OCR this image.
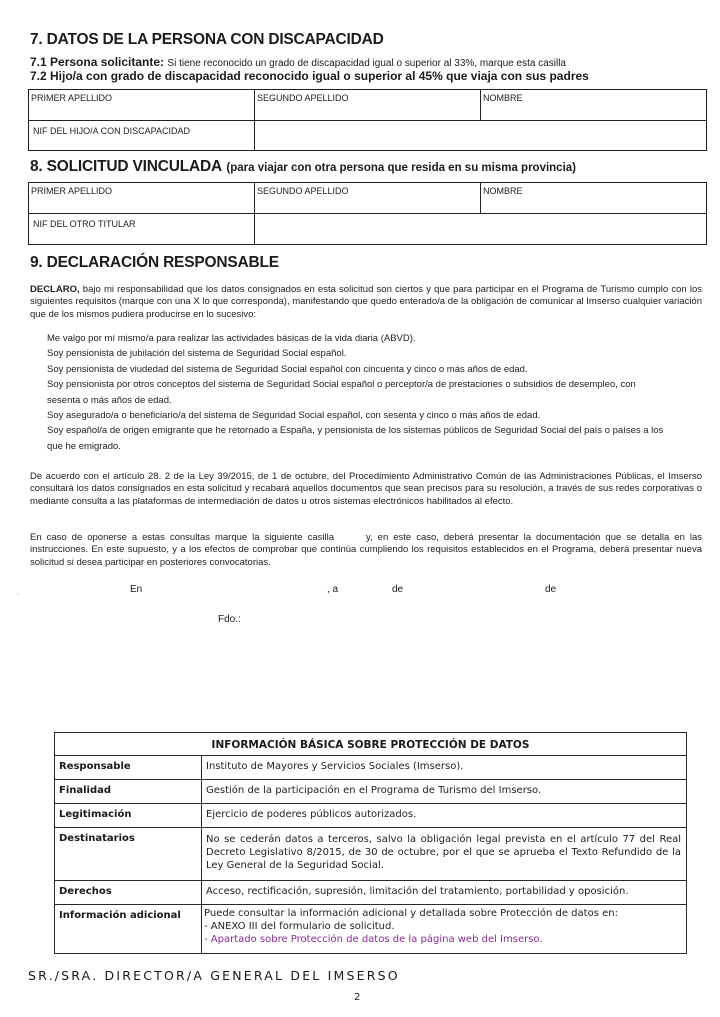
7. DATOS DE LA PERSONA CON DISCAPACIDAD
7.1 Persona solicitante: Si tiene reconocido un grado de discapacidad igual o superior al 33%, marque esta casilla
7.2 Hijo/a con grado de discapacidad reconocido igual o superior al 45% que viaja con sus padres
PRIMER APELLIDO	SEGUNDO APELLIDO	NOMBRE
NIF DEL HIJO/A CON DISCAPACIDAD
8. SOLICITUD VINCULADA (para viajar con otra persona que resida en su misma provincia)
PRIMER APELLIDO	SEGUNDO APELLIDO	NOMBRE
NIF DEL OTRO TITULAR
9. DECLARACIÓN RESPONSABLE
DECLARO, bajo mi responsabilidad que los datos consignados en esta solicitud son ciertos y que para participar en el Programa de Turismo cumplo con los siguientes requisitos (marque con una X lo que corresponda), manifestando que quedo enterado/a de la obligación de comunicar al Imserso cualquier variación que de los mismos pudiera producirse en lo sucesivo:
Me valgo por mí mismo/a para realizar las actividades básicas de la vida diaria (ABVD).
Soy pensionista de jubilación del sistema de Seguridad Social español.
Soy pensionista de viudedad del sistema de Seguridad Social español con cincuenta y cinco o más años de edad.
Soy pensionista por otros conceptos del sistema de Seguridad Social español o perceptor/a de prestaciones o subsidios de desempleo, con sesenta o más años de edad.
Soy asegurado/a o beneficiario/a del sistema de Seguridad Social español, con sesenta y cinco o más años de edad.
Soy español/a de origen emigrante que he retornado a España, y pensionista de los sistemas públicos de Seguridad Social del país o países a los que he emigrado.
De acuerdo con el artículo 28. 2 de la Ley 39/2015, de 1 de octubre, del Procedimiento Administrativo Común de las Administraciones Públicas, el Imserso consultará los datos consignados en esta solicitud y recabará aquellos documentos que sean precisos para su resolución, a través de sus redes corporativas o mediante consulta a las plataformas de intermediación de datos u otros sistemas electrónicos habilitados al efecto.
En caso de oponerse a estas consultas marque la siguiente casilla	y, en este caso, deberá presentar la documentación que se detalla en las instrucciones. En este supuesto, y a los efectos de comprobar que continúa cumpliendo los requisitos establecidos en el Programa, deberá presentar nueva solicitud si desea participar en posteriores convocatorias.
.	En	, a	de	de
Fdo.:
INFORMACIÓN BÁSICA SOBRE PROTECCIÓN DE DATOS
Responsable	Instituto de Mayores y Servicios Sociales (Imserso).
Finalidad	Gestión de la participación en el Programa de Turismo del Imserso.
Legitimación	Ejercicio de poderes públicos autorizados.
Destinatarios	No se cederán datos a terceros, salvo la obligación legal prevista en el artículo 77 del Real Decreto Legislativo 8/2015, de 30 de octubre, por el que se aprueba el Texto Refundido de la Ley General de la Seguridad Social.
Derechos	Acceso, rectificación, supresión, limitación del tratamiento, portabilidad y oposición.
Información adicional Puede consultar la información adicional y detallada sobre Protección de datos en:
- ANEXO III del formulario de solicitud.
- Apartado sobre Protección de datos de la página web del Imserso.
SR./SRA. DIRECTOR/A GENERAL DEL IMSERSO
2
